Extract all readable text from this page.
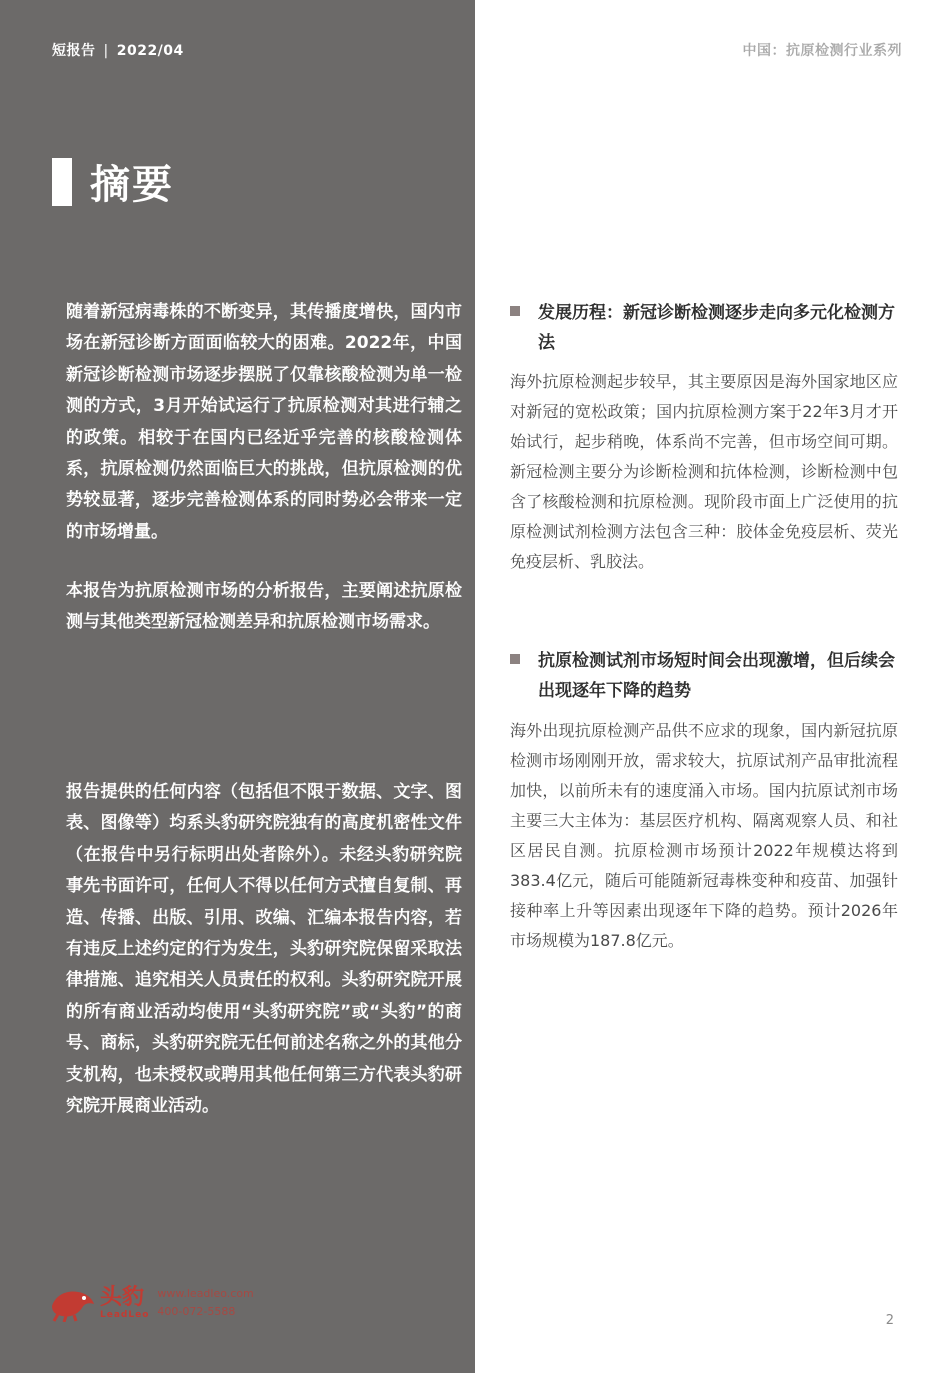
短报告 | 2022/04
摘要

随着新冠病毒株的不断变异，其传播度增快，国内市场在新冠诊断方面面临较大的困难。2022年，中国新冠诊断检测市场逐步摆脱了仅靠核酸检测为单一检测的方式，3月开始试运行了抗原检测对其进行辅之的政策。相较于在国内已经近乎完善的核酸检测体系，抗原检测仍然面临巨大的挑战，但抗原检测的优势较显著，逐步完善检测体系的同时势必会带来一定的市场增量。

本报告为抗原检测市场的分析报告，主要阐述抗原检测与其他类型新冠检测差异和抗原检测市场需求。

报告提供的任何内容（包括但不限于数据、文字、图表、图像等）均系头豹研究院独有的高度机密性文件（在报告中另行标明出处者除外）。未经头豹研究院事先书面许可，任何人不得以任何方式擅自复制、再造、传播、出版、引用、改编、汇编本报告内容，若有违反上述约定的行为发生，头豹研究院保留采取法律措施、追究相关人员责任的权利。头豹研究院开展的所有商业活动均使用“头豹研究院”或“头豹”的商号、商标，头豹研究院无任何前述名称之外的其他分支机构，也未授权或聘用其他任何第三方代表头豹研究院开展商业活动。

头豹
LeadLeo
www.leadleo.com
400-072-5588
中国：抗原检测行业系列

发展历程：新冠诊断检测逐步走向多元化检测方法

海外抗原检测起步较早，其主要原因是海外国家地区应对新冠的宽松政策；国内抗原检测方案于22年3月才开始试行，起步稍晚，体系尚不完善，但市场空间可期。新冠检测主要分为诊断检测和抗体检测，诊断检测中包含了核酸检测和抗原检测。现阶段市面上广泛使用的抗原检测试剂检测方法包含三种：胶体金免疫层析、荧光免疫层析、乳胶法。

抗原检测试剂市场短时间会出现激增，但后续会出现逐年下降的趋势

海外出现抗原检测产品供不应求的现象，国内新冠抗原检测市场刚刚开放，需求较大，抗原试剂产品审批流程加快，以前所未有的速度涌入市场。国内抗原试剂市场主要三大主体为：基层医疗机构、隔离观察人员、和社区居民自测。抗原检测市场预计2022年规模达将到383.4亿元，随后可能随新冠毒株变种和疫苗、加强针接种率上升等因素出现逐年下降的趋势。预计2026年市场规模为187.8亿元。

2
